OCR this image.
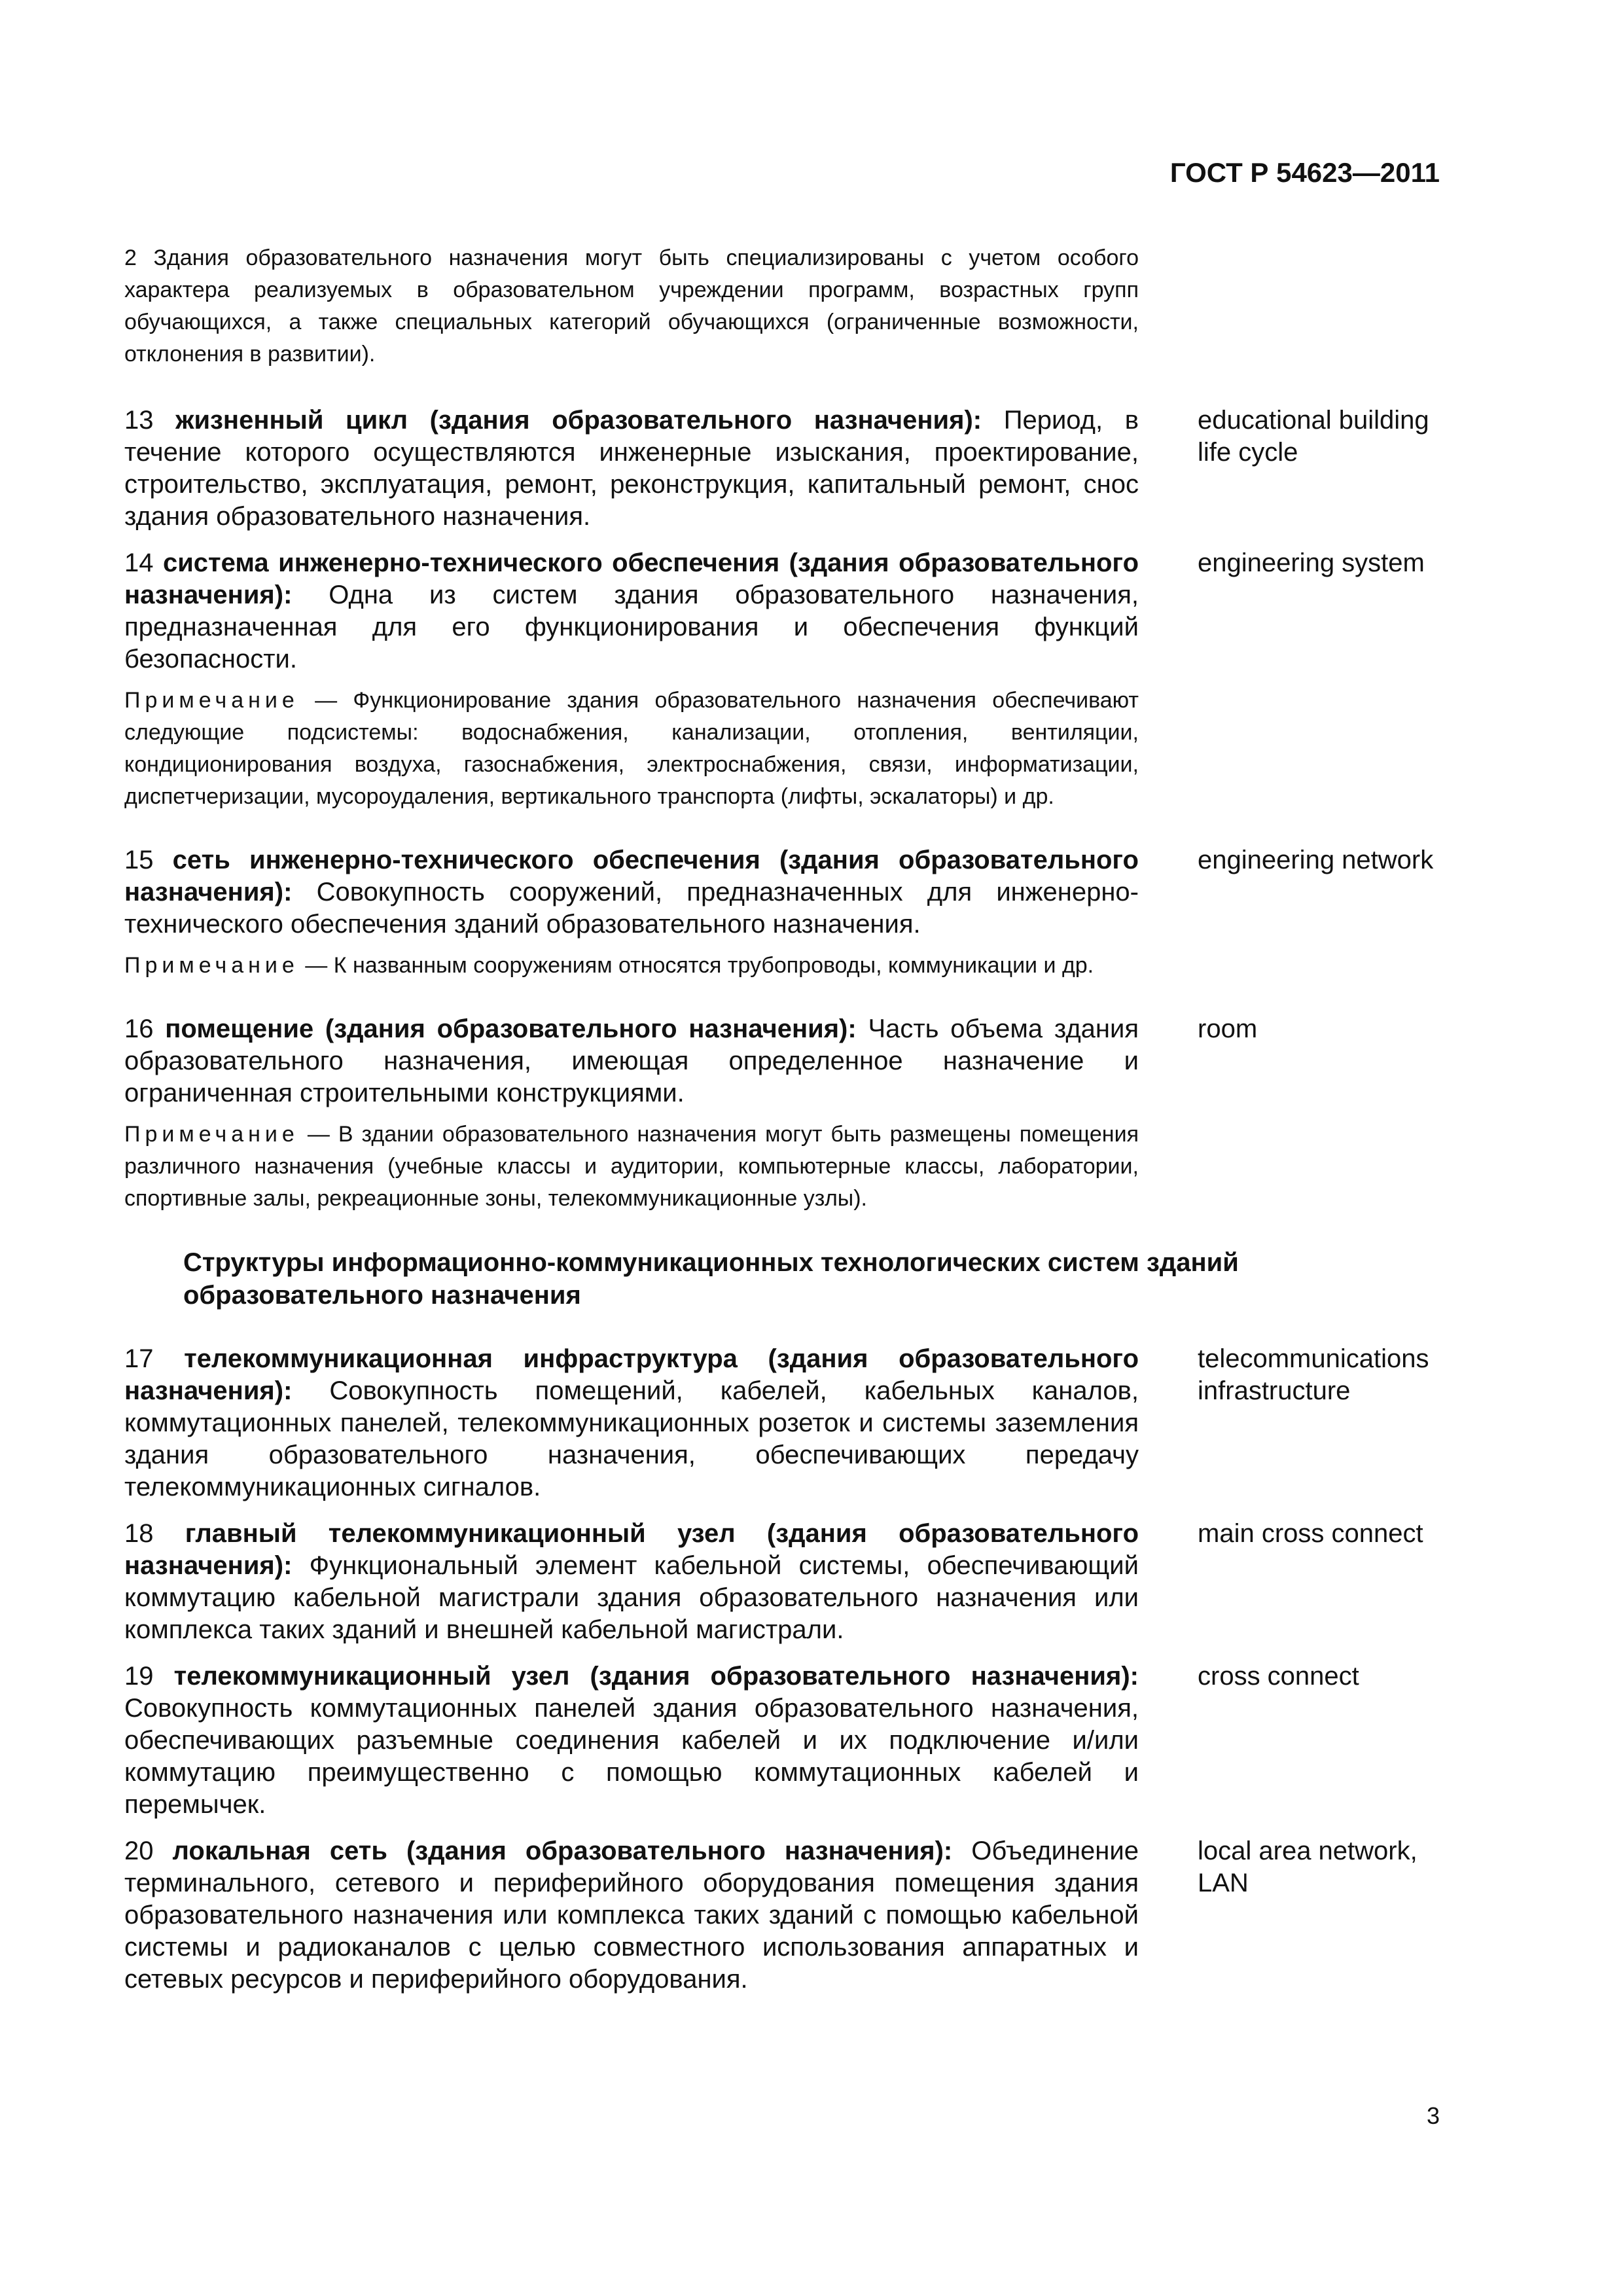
ГОСТ Р 54623—2011
2 Здания образовательного назначения могут быть специализированы с учетом особого характера реализуемых в образовательном учреждении программ, возрастных групп обучающихся, а также специальных категорий обучающихся (ограниченные возможности, отклонения в развитии).

13 жизненный цикл (здания образовательного назначения): Период, в течение которого осуществляются инженерные изыскания, проектирование, строительство, эксплуатация, ремонт, реконструкция, капитальный ремонт, снос здания образовательного назначения.

educational building life cycle

14 система инженерно-технического обеспечения (здания образовательного назначения): Одна из систем здания образовательного назначения, предназначенная для его функционирования и обеспечения функций безопасности.

Примечание — Функционирование здания образовательного назначения обеспечивают следующие подсистемы: водоснабжения, канализации, отопления, вентиляции, кондиционирования воздуха, газоснабжения, электроснабжения, связи, информатизации, диспетчеризации, мусороудаления, вертикального транспорта (лифты, эскалаторы) и др.
engineering system

15 сеть инженерно-технического обеспечения (здания образовательного назначения): Совокупность сооружений, предназначенных для инженерно-технического обеспечения зданий образовательного назначения.

Примечание — К названным сооружениям относятся трубопроводы, коммуникации и др.
engineering network

16 помещение (здания образовательного назначения): Часть объема здания образовательного назначения, имеющая определенное назначение и ограниченная строительными конструкциями.

Примечание — В здании образовательного назначения могут быть размещены помещения различного назначения (учебные классы и аудитории, компьютерные классы, лаборатории, спортивные залы, рекреационные зоны, телекоммуникационные узлы).
room
Структуры информационно-коммуникационных технологических систем зданий образовательного назначения

17 телекоммуникационная инфраструктура (здания образовательного назначения): Совокупность помещений, кабелей, кабельных каналов, коммутационных панелей, телекоммуникационных розеток и системы заземления здания образовательного назначения, обеспечивающих передачу телекоммуникационных сигналов.

telecommunications infrastructure

18 главный телекоммуникационный узел (здания образовательного назначения): Функциональный элемент кабельной системы, обеспечивающий коммутацию кабельной магистрали здания образовательного назначения или комплекса таких зданий и внешней кабельной магистрали.

main cross connect

19 телекоммуникационный узел (здания образовательного назначения): Совокупность коммутационных панелей здания образовательного назначения, обеспечивающих разъемные соединения кабелей и их подключение и/или коммутацию преимущественно с помощью коммутационных кабелей и перемычек.

cross connect

20 локальная сеть (здания образовательного назначения): Объединение терминального, сетевого и периферийного оборудования помещения здания образовательного назначения или комплекса таких зданий с помощью кабельной системы и радиоканалов с целью совместного использования аппаратных и сетевых ресурсов и периферийного оборудования.

local area network, LAN
3
